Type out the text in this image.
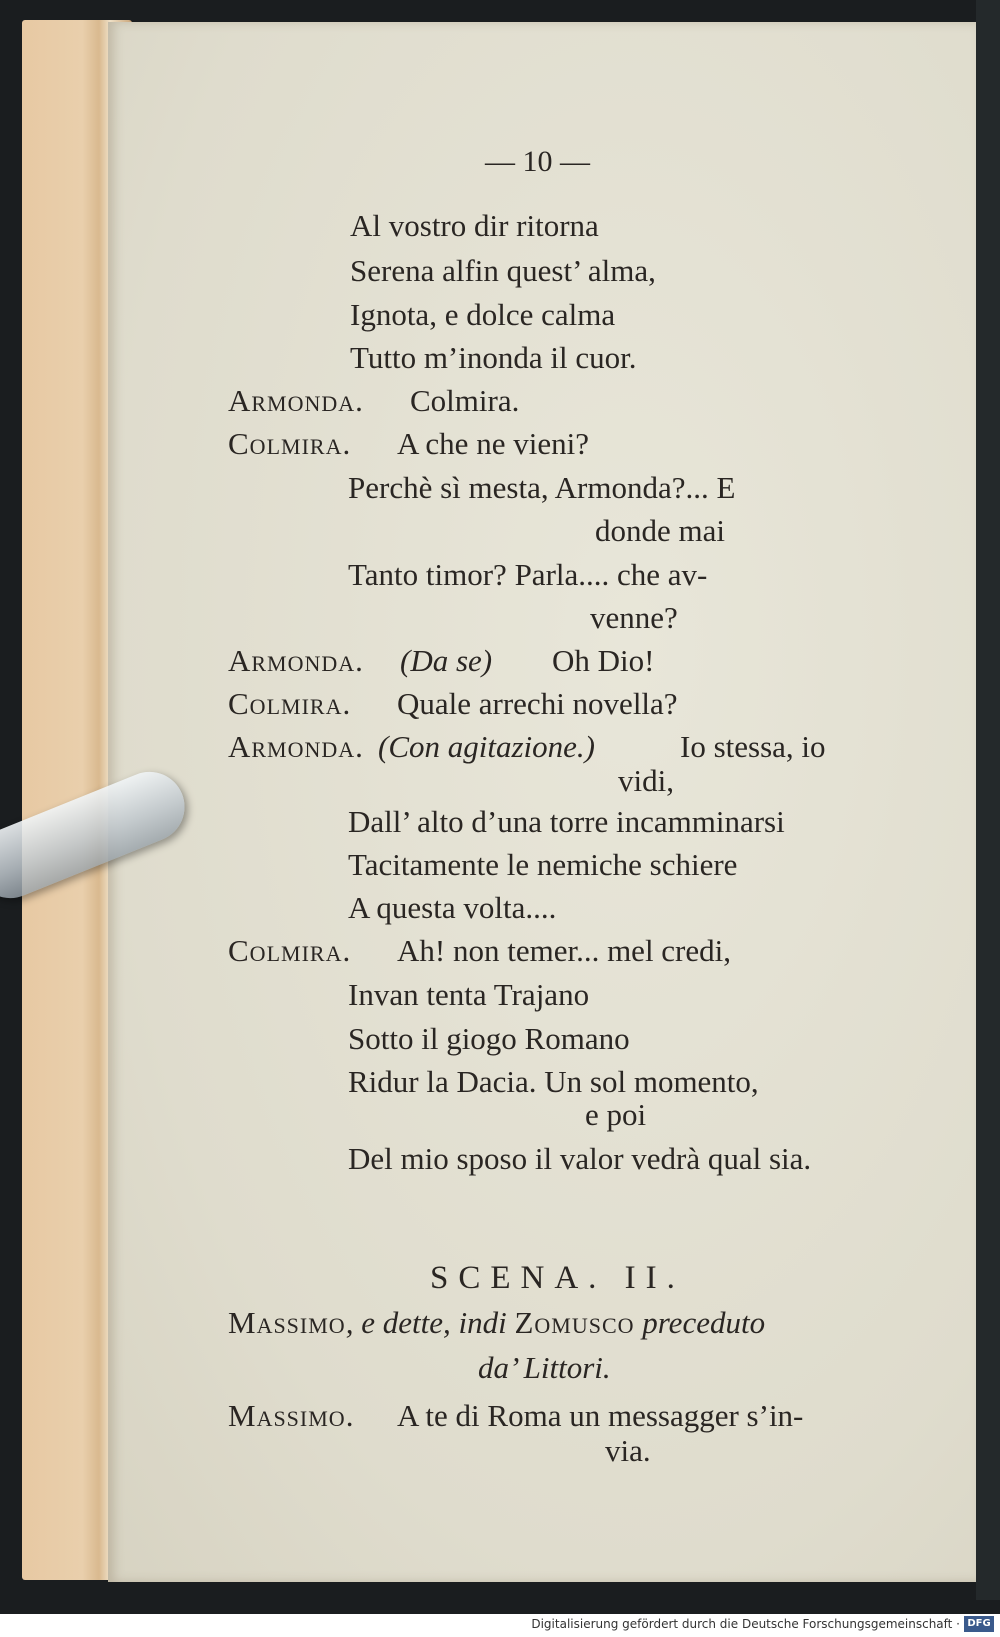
— 10 —
Al vostro dir ritorna
Serena alfin quest’ alma,
Ignota, e dolce calma
Tutto m’inonda il cuor.
Armonda. Colmira.
Colmira. A che ne vieni?
Perchè sì mesta, Armonda?... E
donde mai
Tanto timor? Parla.... che av-
venne?
Armonda. (Da se) Oh Dio!
Colmira. Quale arrechi novella?
Armonda. (Con agitazione.)	Io stessa, io
vidi,
Dall’ alto d’una torre incamminarsi
Tacitamente le nemiche schiere
A questa volta....
Colmira. Ah! non temer... mel credi,
Invan tenta Trajano
Sotto il giogo Romano
Ridur la Dacia. Un sol momento,
e poi
Del mio sposo il valor vedrà qual sia.
SCENA. II.
Massimo, e dette, indi Zomusco preceduto
da’ Littori.
Massimo. A te di Roma un messagger s’in-
via.
Digitalisierung gefördert durch die Deutsche Forschungsgemeinschaft · DFG
